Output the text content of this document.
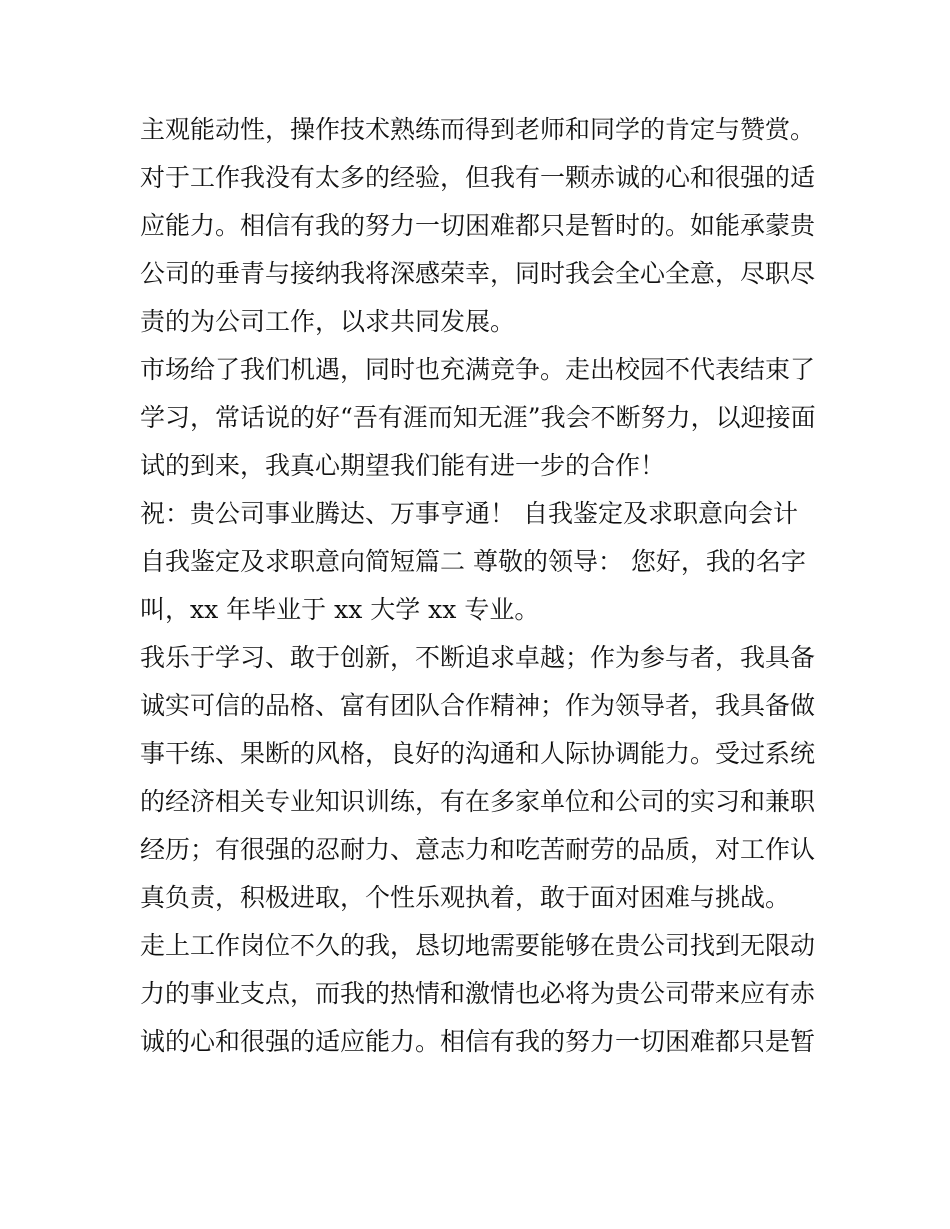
主观能动性，操作技术熟练而得到老师和同学的肯定与赞赏。
对于工作我没有太多的经验，但我有一颗赤诚的心和很强的适
应能力。相信有我的努力一切困难都只是暂时的。如能承蒙贵
公司的垂青与接纳我将深感荣幸，同时我会全心全意，尽职尽
责的为公司工作，以求共同发展。
市场给了我们机遇，同时也充满竞争。走出校园不代表结束了
学习，常话说的好“吾有涯而知无涯”我会不断努力，以迎接面
试的到来，我真心期望我们能有进一步的合作！
祝：贵公司事业腾达、万事亨通！ 自我鉴定及求职意向会计
自我鉴定及求职意向简短篇二 尊敬的领导： 您好，我的名字
叫，xx 年毕业于 xx 大学 xx 专业。
我乐于学习、敢于创新，不断追求卓越；作为参与者，我具备
诚实可信的品格、富有团队合作精神；作为领导者，我具备做
事干练、果断的风格，良好的沟通和人际协调能力。受过系统
的经济相关专业知识训练，有在多家单位和公司的实习和兼职
经历；有很强的忍耐力、意志力和吃苦耐劳的品质，对工作认
真负责，积极进取，个性乐观执着，敢于面对困难与挑战。
走上工作岗位不久的我，恳切地需要能够在贵公司找到无限动
力的事业支点，而我的热情和激情也必将为贵公司带来应有赤
诚的心和很强的适应能力。相信有我的努力一切困难都只是暂
